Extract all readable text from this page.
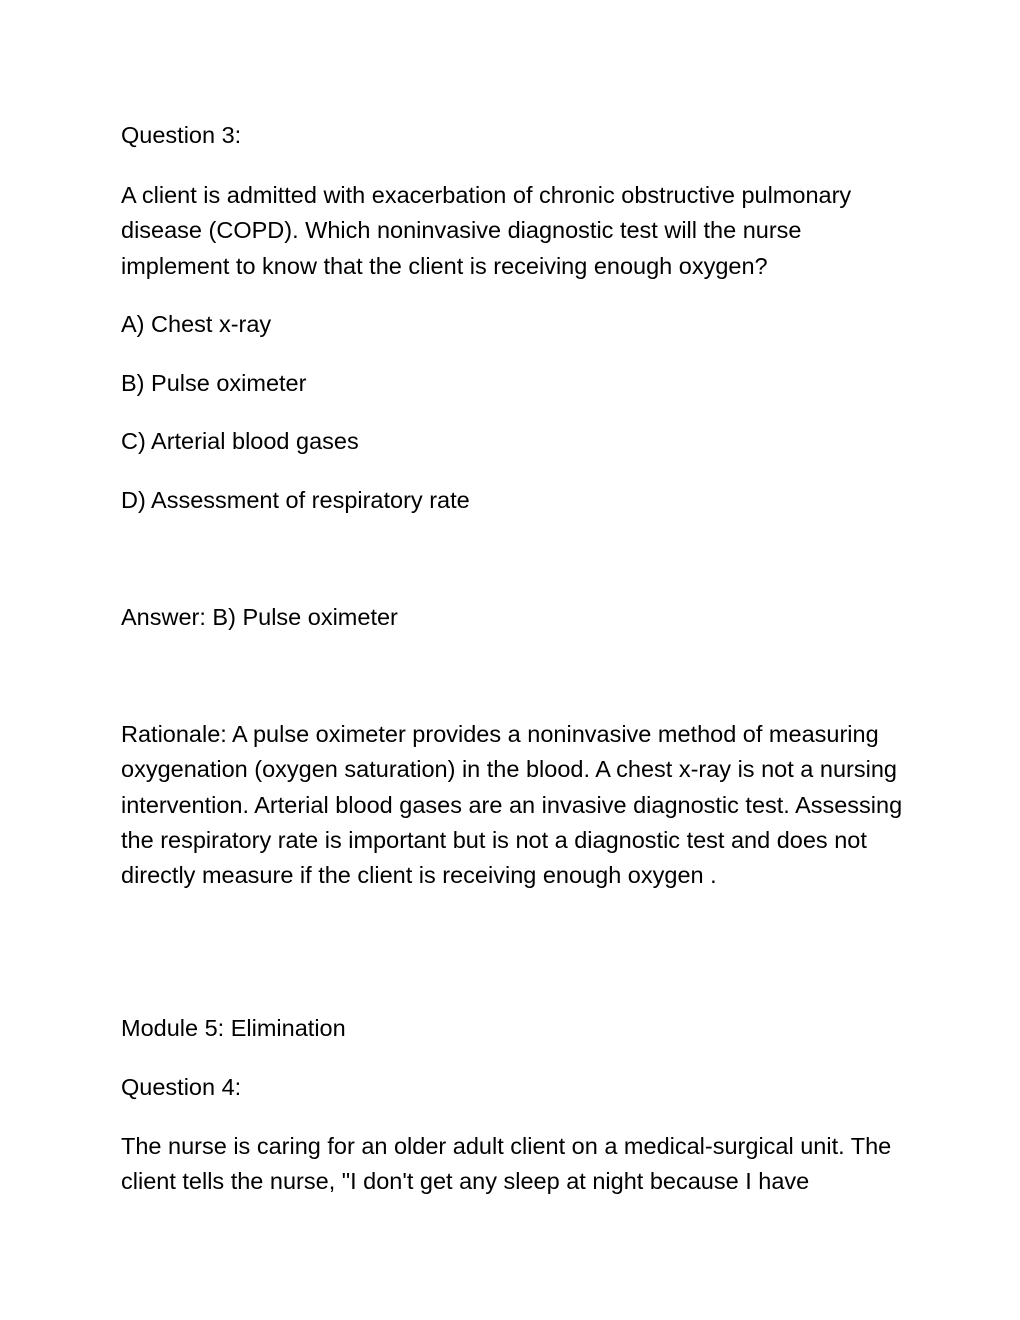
Question 3:

A client is admitted with exacerbation of chronic obstructive pulmonary disease (COPD). Which noninvasive diagnostic test will the nurse implement to know that the client is receiving enough oxygen?

A) Chest x-ray

B) Pulse oximeter

C) Arterial blood gases

D) Assessment of respiratory rate

Answer: B) Pulse oximeter

Rationale: A pulse oximeter provides a noninvasive method of measuring oxygenation (oxygen saturation) in the blood. A chest x-ray is not a nursing intervention. Arterial blood gases are an invasive diagnostic test. Assessing the respiratory rate is important but is not a diagnostic test and does not directly measure if the client is receiving enough oxygen .

Module 5: Elimination

Question 4:

The nurse is caring for an older adult client on a medical-surgical unit. The client tells the nurse, "I don't get any sleep at night because I have
